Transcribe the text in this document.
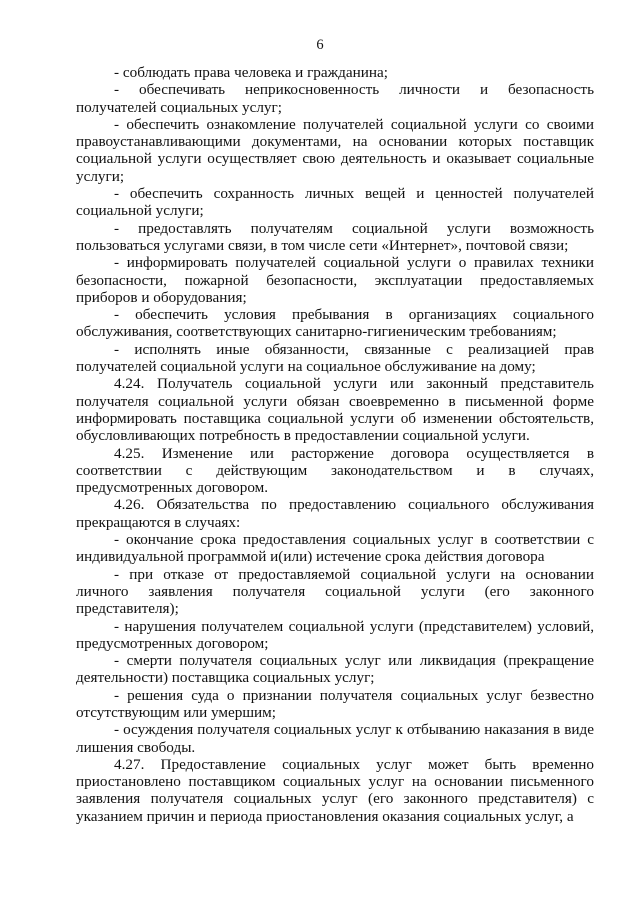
6

- соблюдать права человека и гражданина;

- обеспечивать неприкосновенность личности и безопасность получателей социальных услуг;

- обеспечить ознакомление получателей социальной услуги со своими правоустанавливающими документами, на основании которых поставщик социальной услуги осуществляет свою деятельность и оказывает социальные услуги;

- обеспечить сохранность личных вещей и ценностей получателей социальной услуги;

- предоставлять получателям социальной услуги возможность пользоваться услугами связи, в том числе сети «Интернет», почтовой связи;

- информировать получателей социальной услуги о правилах техники безопасности, пожарной безопасности, эксплуатации предоставляемых приборов и оборудования;

- обеспечить условия пребывания в организациях социального обслуживания, соответствующих санитарно-гигиеническим требованиям;

- исполнять иные обязанности, связанные с реализацией прав получателей социальной услуги на социальное обслуживание на дому;

4.24. Получатель социальной услуги или законный представитель получателя социальной услуги обязан своевременно в письменной форме информировать поставщика социальной услуги об изменении обстоятельств, обусловливающих потребность в предоставлении социальной услуги.

4.25. Изменение или расторжение договора осуществляется в соответствии с действующим законодательством и в случаях, предусмотренных договором.

4.26. Обязательства по предоставлению социального обслуживания прекращаются в случаях:

- окончание срока предоставления социальных услуг в соответствии с индивидуальной программой и(или) истечение срока действия договора

- при отказе от предоставляемой социальной услуги на основании личного заявления получателя социальной услуги (его законного представителя);

- нарушения получателем социальной услуги (представителем) условий, предусмотренных договором;

- смерти получателя социальных услуг или ликвидация (прекращение деятельности) поставщика социальных услуг;

- решения суда о признании получателя социальных услуг безвестно отсутствующим или умершим;

- осуждения получателя социальных услуг к отбыванию наказания в виде лишения свободы.

4.27. Предоставление социальных услуг может быть временно приостановлено поставщиком социальных услуг на основании письменного заявления получателя социальных услуг (его законного представителя) с указанием причин и периода приостановления оказания социальных услуг, а
